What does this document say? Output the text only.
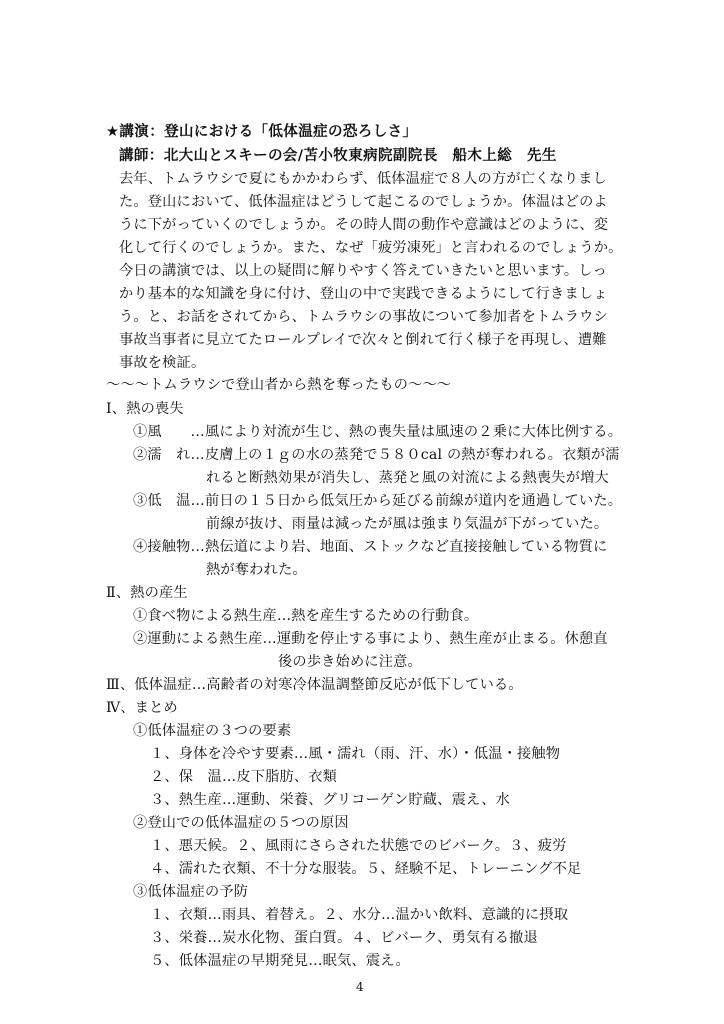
★講演：登山における「低体温症の恐ろしさ」
講師：北大山とスキーの会/苫小牧東病院副院長　船木上総　先生
去年、トムラウシで夏にもかかわらず、低体温症で８人の方が亡くなりまし
た。登山において、低体温症はどうして起こるのでしょうか。体温はどのよ
うに下がっていくのでしょうか。その時人間の動作や意識はどのように、変
化して行くのでしょうか。また、なぜ「疲労凍死」と言われるのでしょうか。
今日の講演では、以上の疑問に解りやすく答えていきたいと思います。しっ
かり基本的な知識を身に付け、登山の中で実践できるようにして行きましょ
う。と、お話をされてから、トムラウシの事故について参加者をトムラウシ
事故当事者に見立てたロールプレイで次々と倒れて行く様子を再現し、遭難
事故を検証。
～～～トムラウシで登山者から熱を奪ったもの～～～
Ⅰ、熱の喪失
①風　　…風により対流が生じ、熱の喪失量は風速の２乗に大体比例する。
②濡　れ…皮膚上の１ｇの水の蒸発で５８０cal の熱が奪われる。衣類が濡
れると断熱効果が消失し、蒸発と風の対流による熱喪失が増大
③低　温…前日の１５日から低気圧から延びる前線が道内を通過していた。
前線が抜け、雨量は減ったが風は強まり気温が下がっていた。
④接触物…熱伝道により岩、地面、ストックなど直接接触している物質に
熱が奪われた。
Ⅱ、熱の産生
①食べ物による熱生産…熱を産生するための行動食。
②運動による熱生産…運動を停止する事により、熱生産が止まる。休憩直
後の歩き始めに注意。
Ⅲ、低体温症…高齢者の対寒冷体温調整節反応が低下している。
Ⅳ、まとめ
①低体温症の３つの要素
１、身体を冷やす要素…風・濡れ（雨、汗、水）・低温・接触物
２、保　温…皮下脂肪、衣類
３、熱生産…運動、栄養、グリコーゲン貯蔵、震え、水
②登山での低体温症の５つの原因
１、悪天候。２、風雨にさらされた状態でのビバーク。３、疲労
４、濡れた衣類、不十分な服装。５、経験不足、トレーニング不足
③低体温症の予防
１、衣類…雨具、着替え。２、水分…温かい飲料、意識的に摂取
３、栄養…炭水化物、蛋白質。４、ビバーク、勇気有る撤退
５、低体温症の早期発見…眠気、震え。
4
